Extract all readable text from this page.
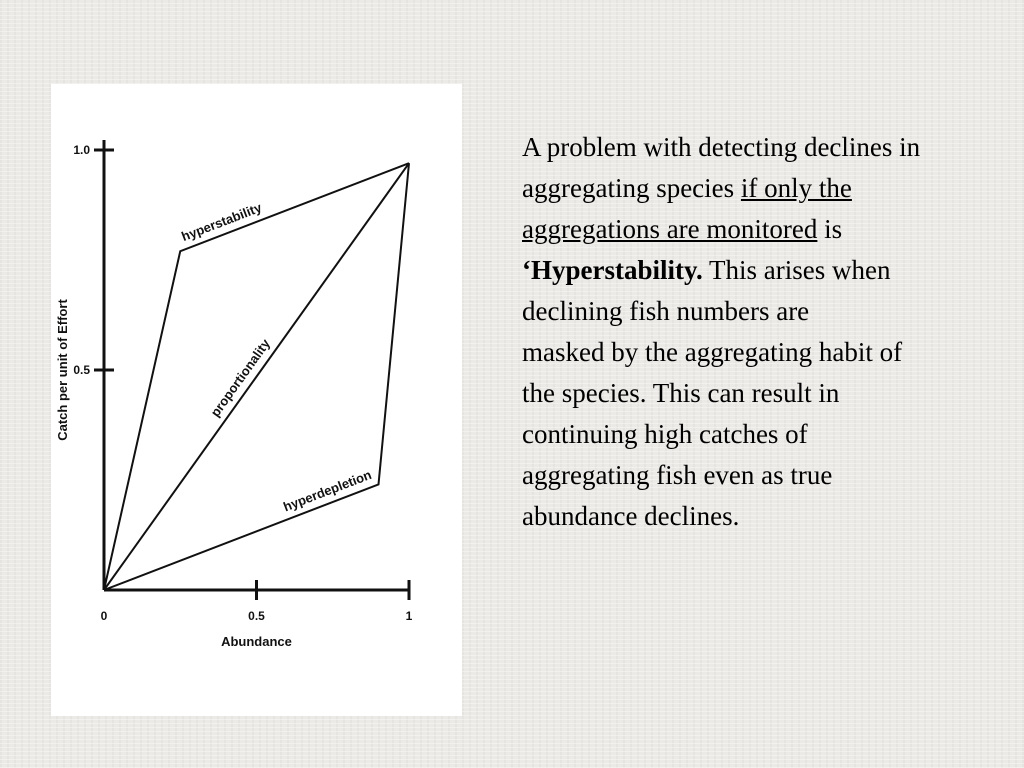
0	0.5	1
0.5
1.0
Abundance
Catch per unit of Effort
hyperstability
proportionality
hyperdepletion
A problem with detecting declines in aggregating species if only the aggregations are monitored is ‘Hyperstability. This arises when declining fish numbers are
masked by the aggregating habit of the species. This can result in continuing high catches of aggregating fish even as true abundance declines.
